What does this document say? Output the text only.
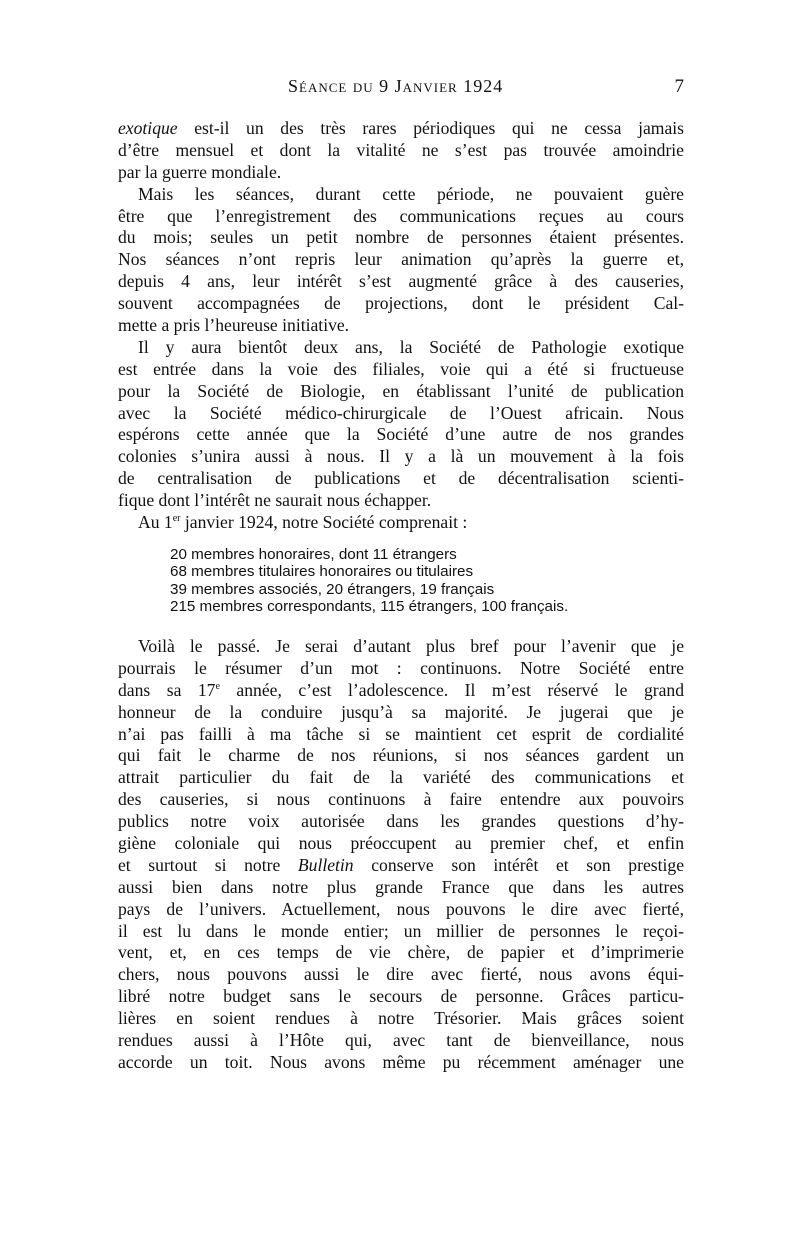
Séance du 9 Janvier 1924	7
exotique est-il un des très rares périodiques qui ne cessa jamais
d’être mensuel et dont la vitalité ne s’est pas trouvée amoindrie
par la guerre mondiale.
Mais les séances, durant cette période, ne pouvaient guère
être que l’enregistrement des communications reçues au cours
du mois; seules un petit nombre de personnes étaient présentes.
Nos séances n’ont repris leur animation qu’après la guerre et,
depuis 4 ans, leur intérêt s’est augmenté grâce à des causeries,
souvent accompagnées de projections, dont le président Cal-
mette a pris l’heureuse initiative.
Il y aura bientôt deux ans, la Société de Pathologie exotique
est entrée dans la voie des filiales, voie qui a été si fructueuse
pour la Société de Biologie, en établissant l’unité de publication
avec la Société médico-chirurgicale de l’Ouest africain. Nous
espérons cette année que la Société d’une autre de nos grandes
colonies s’unira aussi à nous. Il y a là un mouvement à la fois
de centralisation de publications et de décentralisation scienti-
fique dont l’intérêt ne saurait nous échapper.
Au 1er janvier 1924, notre Société comprenait :
20 membres honoraires, dont 11 étrangers
68 membres titulaires honoraires ou titulaires
39 membres associés, 20 étrangers, 19 français
215 membres correspondants, 115 étrangers, 100 français.
Voilà le passé. Je serai d’autant plus bref pour l’avenir que je
pourrais le résumer d’un mot : continuons. Notre Société entre
dans sa 17e année, c’est l’adolescence. Il m’est réservé le grand
honneur de la conduire jusqu’à sa majorité. Je jugerai que je
n’ai pas failli à ma tâche si se maintient cet esprit de cordialité
qui fait le charme de nos réunions, si nos séances gardent un
attrait particulier du fait de la variété des communications et
des causeries, si nous continuons à faire entendre aux pouvoirs
publics notre voix autorisée dans les grandes questions d’hy-
giène coloniale qui nous préoccupent au premier chef, et enfin
et surtout si notre Bulletin conserve son intérêt et son prestige
aussi bien dans notre plus grande France que dans les autres
pays de l’univers. Actuellement, nous pouvons le dire avec fierté,
il est lu dans le monde entier; un millier de personnes le reçoi-
vent, et, en ces temps de vie chère, de papier et d’imprimerie
chers, nous pouvons aussi le dire avec fierté, nous avons équi-
libré notre budget sans le secours de personne. Grâces particu-
lières en soient rendues à notre Trésorier. Mais grâces soient
rendues aussi à l’Hôte qui, avec tant de bienveillance, nous
accorde un toit. Nous avons même pu récemment aménager une
